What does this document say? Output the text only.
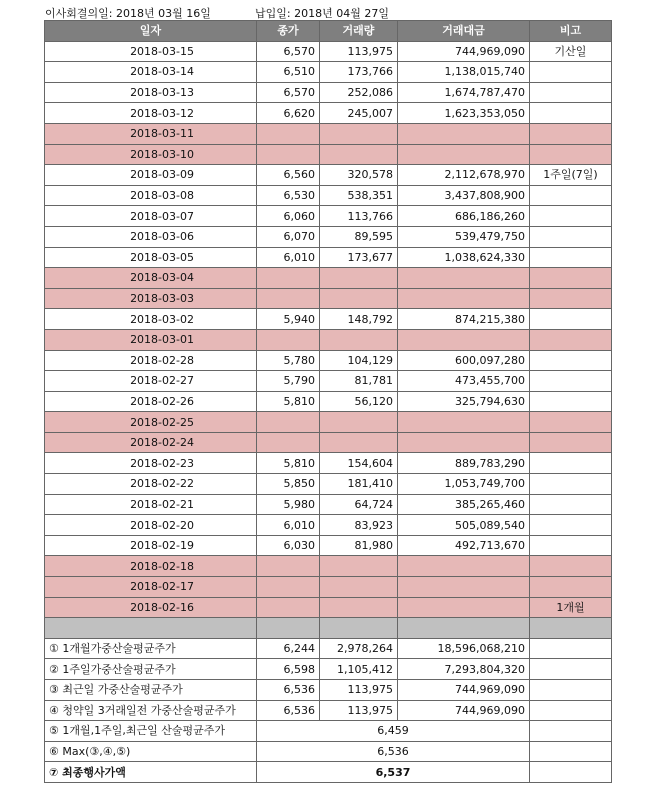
이사회결의일: 2018년 03월 16일	납입일: 2018년 04월 27일
일자	종가	거래량	거래대금	비고
2018-03-15	6,570	113,975	744,969,090	기산일
2018-03-14	6,510	173,766	1,138,015,740	
2018-03-13	6,570	252,086	1,674,787,470	
2018-03-12	6,620	245,007	1,623,353,050	
2018-03-11				
2018-03-10				
2018-03-09	6,560	320,578	2,112,678,970	1주일(7일)
2018-03-08	6,530	538,351	3,437,808,900	
2018-03-07	6,060	113,766	686,186,260	
2018-03-06	6,070	89,595	539,479,750	
2018-03-05	6,010	173,677	1,038,624,330	
2018-03-04				
2018-03-03				
2018-03-02	5,940	148,792	874,215,380	
2018-03-01				
2018-02-28	5,780	104,129	600,097,280	
2018-02-27	5,790	81,781	473,455,700	
2018-02-26	5,810	56,120	325,794,630	
2018-02-25				
2018-02-24				
2018-02-23	5,810	154,604	889,783,290	
2018-02-22	5,850	181,410	1,053,749,700	
2018-02-21	5,980	64,724	385,265,460	
2018-02-20	6,010	83,923	505,089,540	
2018-02-19	6,030	81,980	492,713,670	
2018-02-18				
2018-02-17				
2018-02-16				1개월

① 1개월가중산술평균주가	6,244	2,978,264	18,596,068,210	
② 1주일가중산술평균주가	6,598	1,105,412	7,293,804,320	
③ 최근일 가중산술평균주가	6,536	113,975	744,969,090	
④ 청약일 3거래일전 가중산술평균주가	6,536	113,975	744,969,090	
⑤ 1개월,1주일,최근일 산술평균주가	6,459			
⑥ Max(③,④,⑤)	6,536			
⑦ 최종행사가액	6,537			
